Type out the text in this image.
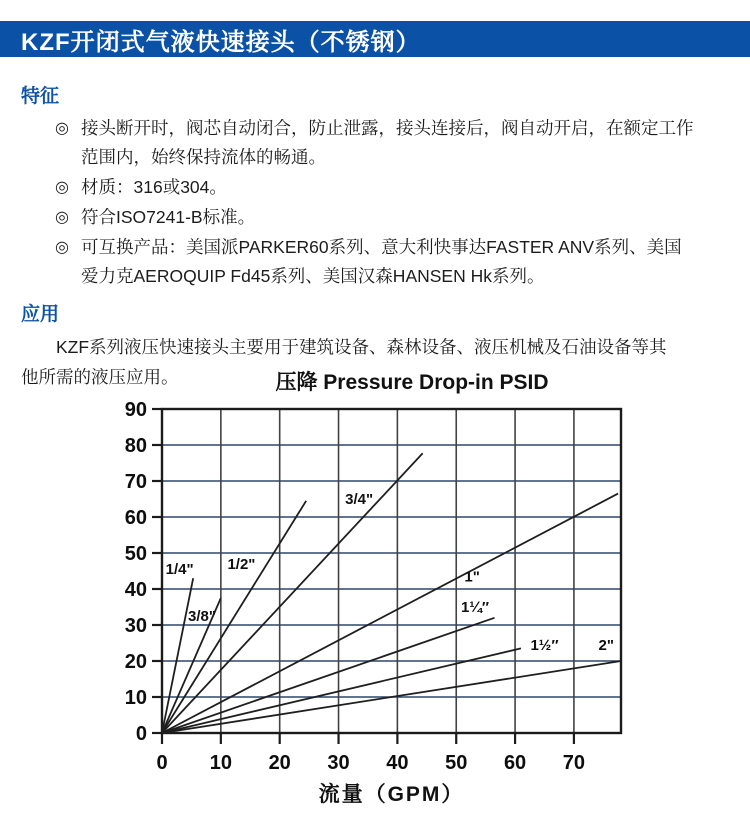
KZF开闭式气液快速接头（不锈钢）
特征
◎ 接头断开时，阀芯自动闭合，防止泄露，接头连接后，阀自动开启，在额定工作范围内，始终保持流体的畅通。
◎ 材质：316或304。
◎ 符合ISO7241-B标准。
◎ 可互换产品：美国派PARKER60系列、意大利快事达FASTER ANV系列、美国爱力克AEROQUIP Fd45系列、美国汉森HANSEN Hk系列。
应用

KZF系列液压快速接头主要用于建筑设备、森林设备、液压机械及石油设备等其他所需的液压应用。	压降 Pressure Drop-in PSID
0
10
20
30
40
50
60
70
80
90
0 10 20 30 40 50 60 70
1/4"
3/8"
1/2"
3/4"
1"
1¼″
1½″	2"
流量（GPM）
